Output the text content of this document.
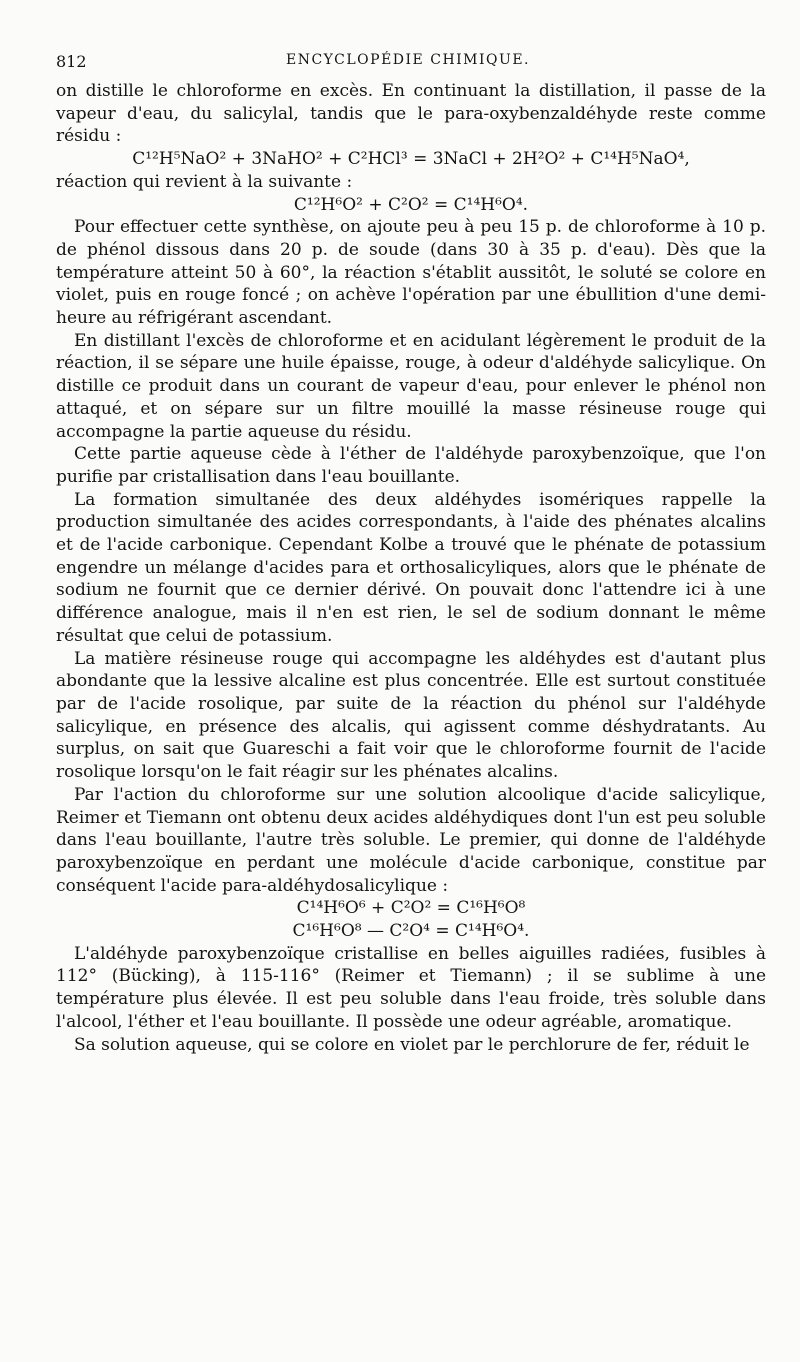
812	ENCYCLOPÉDIE CHIMIQUE.

on distille le chloroforme en excès. En continuant la distillation, il passe de la vapeur d'eau, du salicylal, tandis que le para-oxybenzaldéhyde reste comme résidu :

C¹²H⁵NaO² + 3NaHO² + C²HCl³ = 3NaCl + 2H²O² + C¹⁴H⁵NaO⁴,

réaction qui revient à la suivante :

C¹²H⁶O² + C²O² = C¹⁴H⁶O⁴.

Pour effectuer cette synthèse, on ajoute peu à peu 15 p. de chloroforme à 10 p. de phénol dissous dans 20 p. de soude (dans 30 à 35 p. d'eau). Dès que la température atteint 50 à 60°, la réaction s'établit aussitôt, le soluté se colore en violet, puis en rouge foncé ; on achève l'opération par une ébullition d'une demi-heure au réfrigérant ascendant.

En distillant l'excès de chloroforme et en acidulant légèrement le produit de la réaction, il se sépare une huile épaisse, rouge, à odeur d'aldéhyde salicylique. On distille ce produit dans un courant de vapeur d'eau, pour enlever le phénol non attaqué, et on sépare sur un filtre mouillé la masse résineuse rouge qui accompagne la partie aqueuse du résidu.

Cette partie aqueuse cède à l'éther de l'aldéhyde paroxybenzoïque, que l'on purifie par cristallisation dans l'eau bouillante.

La formation simultanée des deux aldéhydes isomériques rappelle la production simultanée des acides correspondants, à l'aide des phénates alcalins et de l'acide carbonique. Cependant Kolbe a trouvé que le phénate de potassium engendre un mélange d'acides para et orthosalicyliques, alors que le phénate de sodium ne fournit que ce dernier dérivé. On pouvait donc l'attendre ici à une différence analogue, mais il n'en est rien, le sel de sodium donnant le même résultat que celui de potassium.

La matière résineuse rouge qui accompagne les aldéhydes est d'autant plus abondante que la lessive alcaline est plus concentrée. Elle est surtout constituée par de l'acide rosolique, par suite de la réaction du phénol sur l'aldéhyde salicylique, en présence des alcalis, qui agissent comme déshydratants. Au surplus, on sait que Guareschi a fait voir que le chloroforme fournit de l'acide rosolique lorsqu'on le fait réagir sur les phénates alcalins.

Par l'action du chloroforme sur une solution alcoolique d'acide salicylique, Reimer et Tiemann ont obtenu deux acides aldéhydiques dont l'un est peu soluble dans l'eau bouillante, l'autre très soluble. Le premier, qui donne de l'aldéhyde paroxybenzoïque en perdant une molécule d'acide carbonique, constitue par conséquent l'acide para-aldéhydosalicylique :

C¹⁴H⁶O⁶ + C²O² = C¹⁶H⁶O⁸

C¹⁶H⁶O⁸ — C²O⁴ = C¹⁴H⁶O⁴.

L'aldéhyde paroxybenzoïque cristallise en belles aiguilles radiées, fusibles à 112° (Bücking), à 115-116° (Reimer et Tiemann) ; il se sublime à une température plus élevée. Il est peu soluble dans l'eau froide, très soluble dans l'alcool, l'éther et l'eau bouillante. Il possède une odeur agréable, aromatique.

Sa solution aqueuse, qui se colore en violet par le perchlorure de fer, réduit le
